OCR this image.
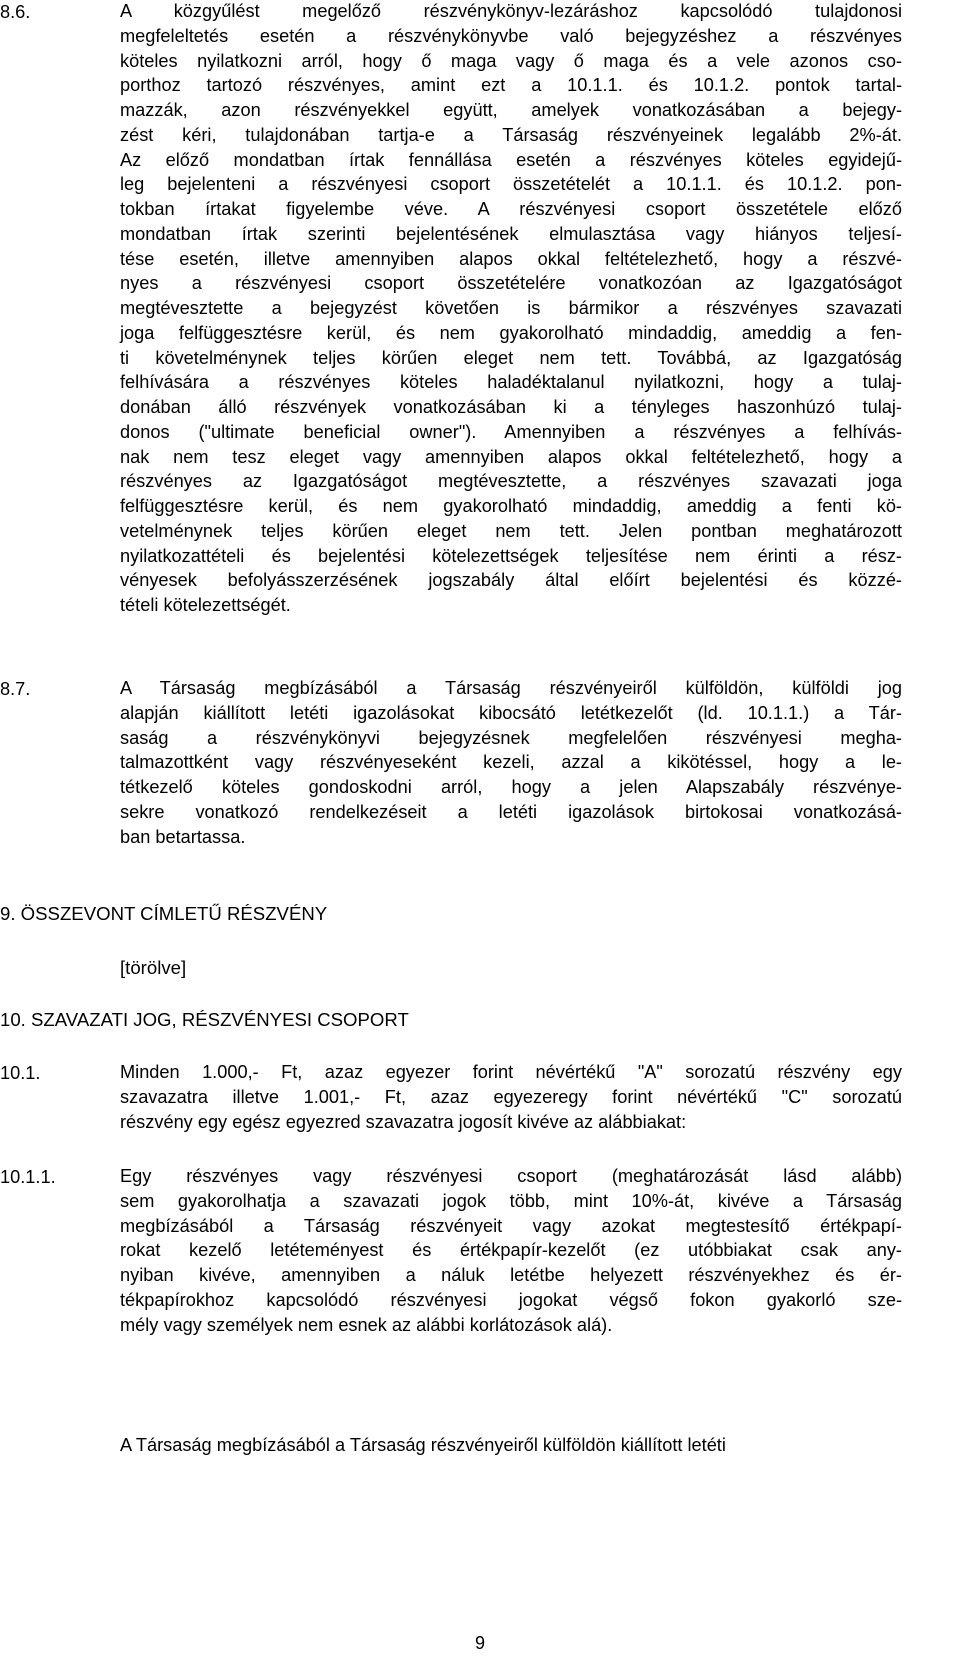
8.6.	A közgyűlést megelőző részvénykönyv-lezáráshoz kapcsolódó tulajdonosi
megfeleltetés esetén a részvénykönyvbe való bejegyzéshez a részvényes
köteles nyilatkozni arról, hogy ő maga vagy ő maga és a vele azonos cso-
porthoz tartozó részvényes, amint ezt a 10.1.1. és 10.1.2. pontok tartal-
mazzák, azon részvényekkel együtt, amelyek vonatkozásában a bejegy-
zést kéri, tulajdonában tartja-e a Társaság részvényeinek legalább 2%-át.
Az előző mondatban írtak fennállása esetén a részvényes köteles egyidejű-
leg bejelenteni a részvényesi csoport összetételét a 10.1.1. és 10.1.2. pon-
tokban írtakat figyelembe véve. A részvényesi csoport összetétele előző
mondatban írtak szerinti bejelentésének elmulasztása vagy hiányos teljesí-
tése esetén, illetve amennyiben alapos okkal feltételezhető, hogy a részvé-
nyes a részvényesi csoport összetételére vonatkozóan az Igazgatóságot
megtévesztette a bejegyzést követően is bármikor a részvényes szavazati
joga felfüggesztésre kerül, és nem gyakorolható mindaddig, ameddig a fen-
ti követelménynek teljes körűen eleget nem tett. Továbbá, az Igazgatóság
felhívására a részvényes köteles haladéktalanul nyilatkozni, hogy a tulaj-
donában álló részvények vonatkozásában ki a tényleges haszonhúzó tulaj-
donos ("ultimate beneficial owner"). Amennyiben a részvényes a felhívás-
nak nem tesz eleget vagy amennyiben alapos okkal feltételezhető, hogy a
részvényes az Igazgatóságot megtévesztette, a részvényes szavazati joga
felfüggesztésre kerül, és nem gyakorolható mindaddig, ameddig a fenti kö-
vetelménynek teljes körűen eleget nem tett. Jelen pontban meghatározott
nyilatkozattételi és bejelentési kötelezettségek teljesítése nem érinti a rész-
vényesek befolyásszerzésének jogszabály által előírt bejelentési és közzé-
tételi kötelezettségét.
8.7.	A Társaság megbízásából a Társaság részvényeiről külföldön, külföldi jog
alapján kiállított letéti igazolásokat kibocsátó letétkezelőt (ld. 10.1.1.) a Tár-
saság a részvénykönyvi bejegyzésnek megfelelően részvényesi megha-
talmazottként vagy részvényeseként kezeli, azzal a kikötéssel, hogy a le-
tétkezelő köteles gondoskodni arról, hogy a jelen Alapszabály részvénye-
sekre vonatkozó rendelkezéseit a letéti igazolások birtokosai vonatkozásá-
ban betartassa.
9. ÖSSZEVONT CÍMLETŰ RÉSZVÉNY
[törölve]
10. SZAVAZATI JOG, RÉSZVÉNYESI CSOPORT
10.1.	Minden 1.000,- Ft, azaz egyezer forint névértékű "A" sorozatú részvény egy
szavazatra illetve 1.001,- Ft, azaz egyezeregy forint névértékű "C" sorozatú
részvény egy egész egyezred szavazatra jogosít kivéve az alábbiakat:
10.1.1.	Egy részvényes vagy részvényesi csoport (meghatározását lásd alább)
sem gyakorolhatja a szavazati jogok több, mint 10%-át, kivéve a Társaság
megbízásából a Társaság részvényeit vagy azokat megtestesítő értékpapí-
rokat kezelő letéteményest és értékpapír-kezelőt (ez utóbbiakat csak any-
nyiban kivéve, amennyiben a náluk letétbe helyezett részvényekhez és ér-
tékpapírokhoz kapcsolódó részvényesi jogokat végső fokon gyakorló sze-
mély vagy személyek nem esnek az alábbi korlátozások alá).
A Társaság megbízásából a Társaság részvényeiről külföldön kiállított letéti
9
